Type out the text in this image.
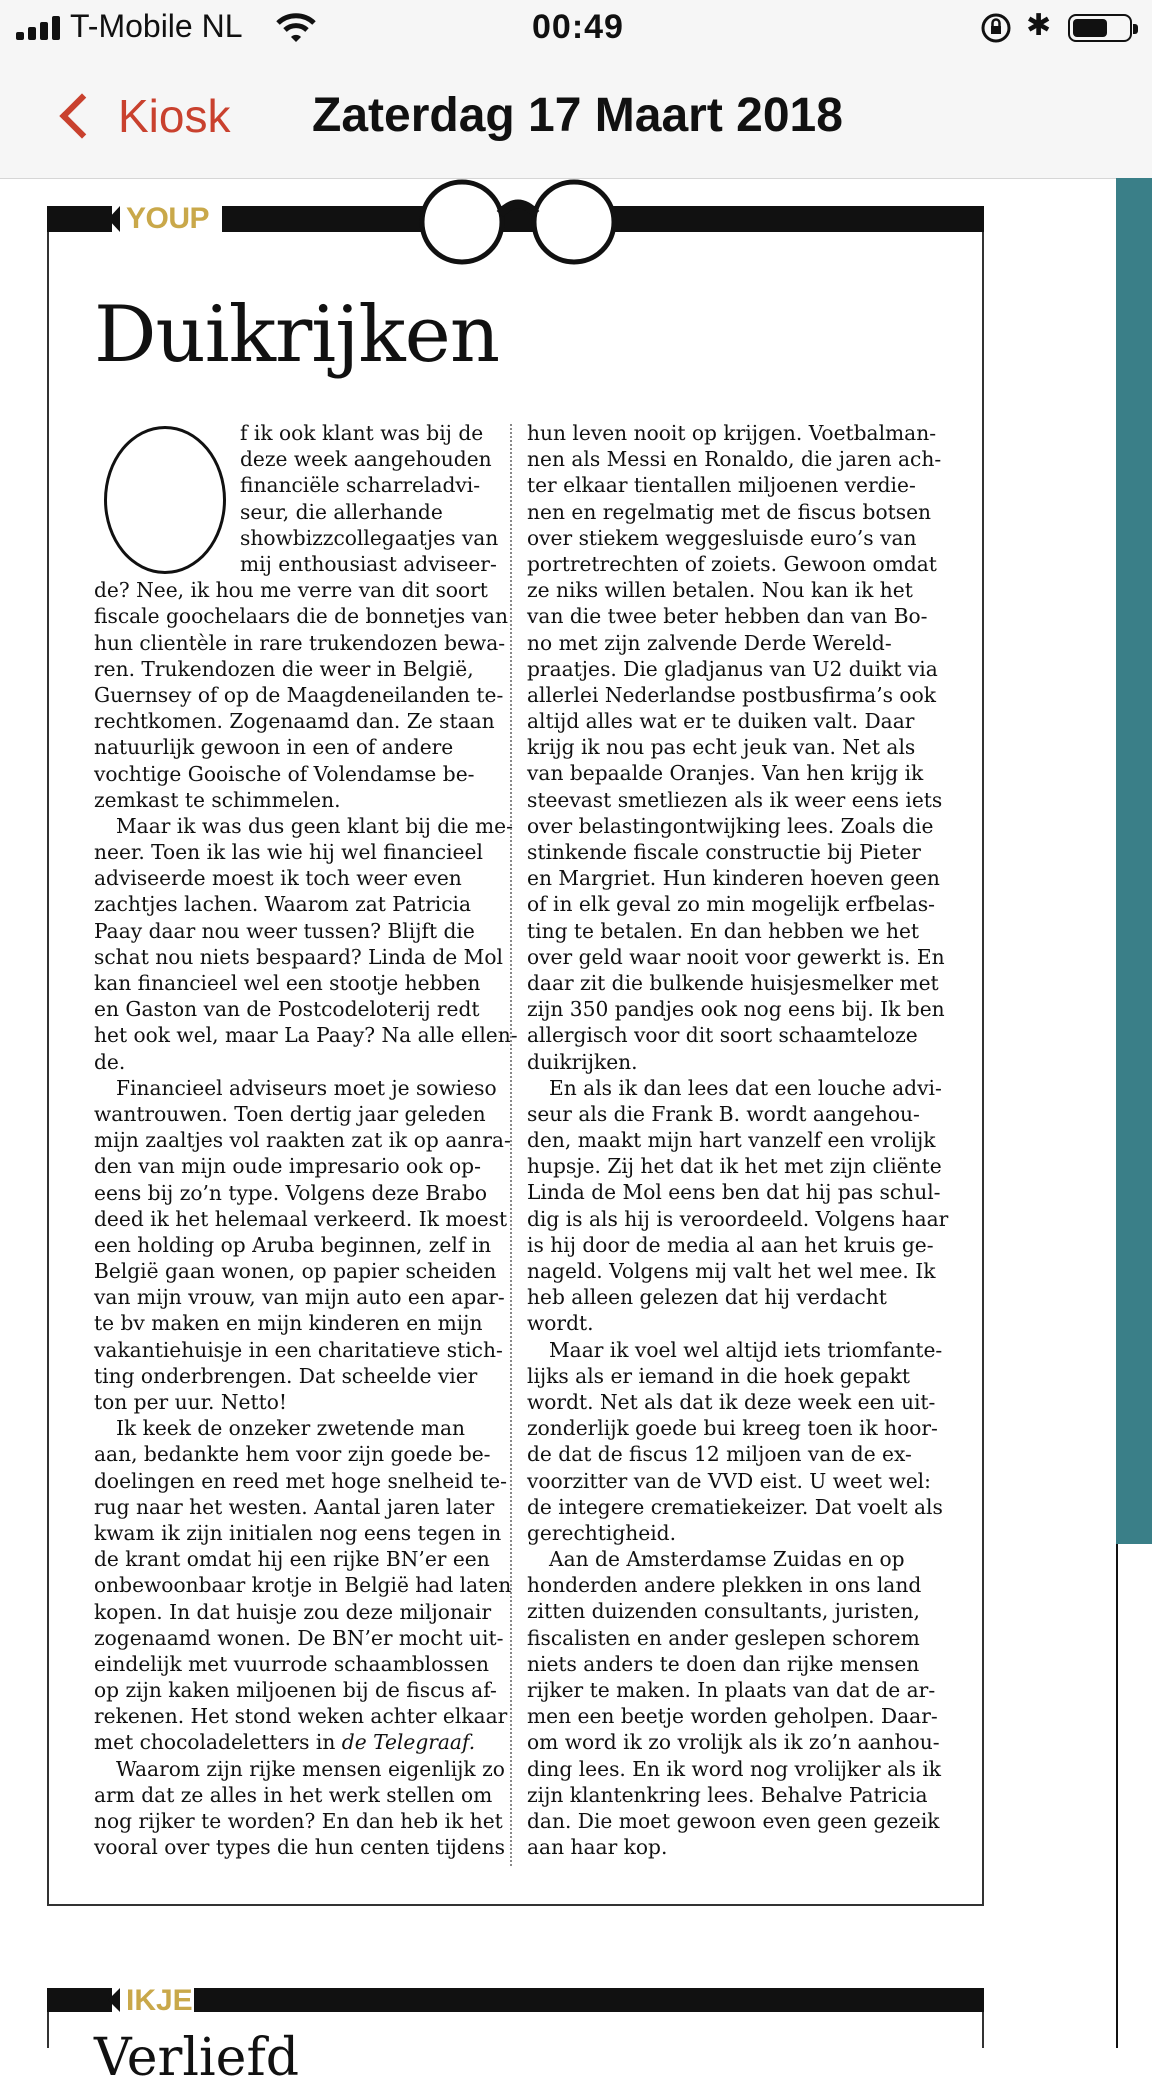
T-Mobile NL	00:49	✱
Kiosk Zaterdag 17 Maart 2018
YOUP
Duikrijken
f ik ook klant was bij de
deze week aangehouden
financiële scharreladvi-
seur, die allerhande
showbizzcollegaatjes van
mij enthousiast adviseer-
de? Nee, ik hou me verre van dit soort
fiscale goochelaars die de bonnetjes van
hun clientèle in rare trukendozen bewa-
ren. Trukendozen die weer in België,
Guernsey of op de Maagdeneilanden te-
rechtkomen. Zogenaamd dan. Ze staan
natuurlijk gewoon in een of andere
vochtige Gooische of Volendamse be-
zemkast te schimmelen.
Maar ik was dus geen klant bij die me-
neer. Toen ik las wie hij wel financieel
adviseerde moest ik toch weer even
zachtjes lachen. Waarom zat Patricia
Paay daar nou weer tussen? Blijft die
schat nou niets bespaard? Linda de Mol
kan financieel wel een stootje hebben
en Gaston van de Postcodeloterij redt
het ook wel, maar La Paay? Na alle ellen-
de.
Financieel adviseurs moet je sowieso
wantrouwen. Toen dertig jaar geleden
mijn zaaltjes vol raakten zat ik op aanra-
den van mijn oude impresario ook op-
eens bij zo’n type. Volgens deze Brabo
deed ik het helemaal verkeerd. Ik moest
een holding op Aruba beginnen, zelf in
België gaan wonen, op papier scheiden
van mijn vrouw, van mijn auto een apar-
te bv maken en mijn kinderen en mijn
vakantiehuisje in een charitatieve stich-
ting onderbrengen. Dat scheelde vier
ton per uur. Netto!
Ik keek de onzeker zwetende man
aan, bedankte hem voor zijn goede be-
doelingen en reed met hoge snelheid te-
rug naar het westen. Aantal jaren later
kwam ik zijn initialen nog eens tegen in
de krant omdat hij een rijke BN’er een
onbewoonbaar krotje in België had laten
kopen. In dat huisje zou deze miljonair
zogenaamd wonen. De BN’er mocht uit-
eindelijk met vuurrode schaamblossen
op zijn kaken miljoenen bij de fiscus af-
rekenen. Het stond weken achter elkaar
met chocoladeletters in de Telegraaf.
Waarom zijn rijke mensen eigenlijk zo
arm dat ze alles in het werk stellen om
nog rijker te worden? En dan heb ik het
vooral over types die hun centen tijdens
hun leven nooit op krijgen. Voetbalman-
nen als Messi en Ronaldo, die jaren ach-
ter elkaar tientallen miljoenen verdie-
nen en regelmatig met de fiscus botsen
over stiekem weggesluisde euro’s van
portretrechten of zoiets. Gewoon omdat
ze niks willen betalen. Nou kan ik het
van die twee beter hebben dan van Bo-
no met zijn zalvende Derde Wereld-
praatjes. Die gladjanus van U2 duikt via
allerlei Nederlandse postbusfirma’s ook
altijd alles wat er te duiken valt. Daar
krijg ik nou pas echt jeuk van. Net als
van bepaalde Oranjes. Van hen krijg ik
steevast smetliezen als ik weer eens iets
over belastingontwijking lees. Zoals die
stinkende fiscale constructie bij Pieter
en Margriet. Hun kinderen hoeven geen
of in elk geval zo min mogelijk erfbelas-
ting te betalen. En dan hebben we het
over geld waar nooit voor gewerkt is. En
daar zit die bulkende huisjesmelker met
zijn 350 pandjes ook nog eens bij. Ik ben
allergisch voor dit soort schaamteloze
duikrijken.
En als ik dan lees dat een louche advi-
seur als die Frank B. wordt aangehou-
den, maakt mijn hart vanzelf een vrolijk
hupsje. Zij het dat ik het met zijn cliënte
Linda de Mol eens ben dat hij pas schul-
dig is als hij is veroordeeld. Volgens haar
is hij door de media al aan het kruis ge-
nageld. Volgens mij valt het wel mee. Ik
heb alleen gelezen dat hij verdacht
wordt.
Maar ik voel wel altijd iets triomfante-
lijks als er iemand in die hoek gepakt
wordt. Net als dat ik deze week een uit-
zonderlijk goede bui kreeg toen ik hoor-
de dat de fiscus 12 miljoen van de ex-
voorzitter van de VVD eist. U weet wel:
de integere crematiekeizer. Dat voelt als
gerechtigheid.
Aan de Amsterdamse Zuidas en op
honderden andere plekken in ons land
zitten duizenden consultants, juristen,
fiscalisten en ander geslepen schorem
niets anders te doen dan rijke mensen
rijker te maken. In plaats van dat de ar-
men een beetje worden geholpen. Daar-
om word ik zo vrolijk als ik zo’n aanhou-
ding lees. En ik word nog vrolijker als ik
zijn klantenkring lees. Behalve Patricia
dan. Die moet gewoon even geen gezeik
aan haar kop.
IKJE
Verliefd
